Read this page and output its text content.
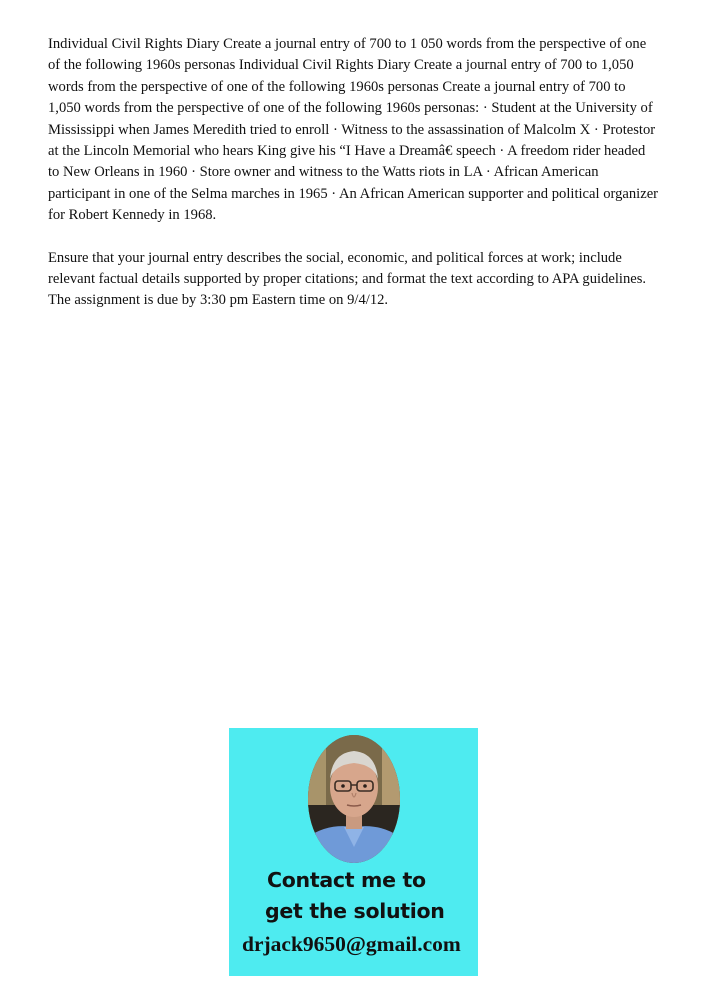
Individual Civil Rights Diary Create a journal entry of 700 to 1 050 words from the perspective of one of the following 1960s personas Individual Civil Rights Diary Create a journal entry of 700 to 1,050 words from the perspective of one of the following 1960s personas Create a journal entry of 700 to 1,050 words from the perspective of one of the following 1960s personas: · Student at the University of Mississippi when James Meredith tried to enroll · Witness to the assassination of Malcolm X · Protestor at the Lincoln Memorial who hears King give his “I Have a Dreamâ€ speech · A freedom rider headed to New Orleans in 1960 · Store owner and witness to the Watts riots in LA · African American participant in one of the Selma marches in 1965 · An African American supporter and political organizer for Robert Kennedy in 1968.

Ensure that your journal entry describes the social, economic, and political forces at work; include relevant factual details supported by proper citations; and format the text according to APA guidelines. The assignment is due by 3:30 pm Eastern time on 9/4/12.

Contact me to
get the solution
drjack9650@gmail.com
